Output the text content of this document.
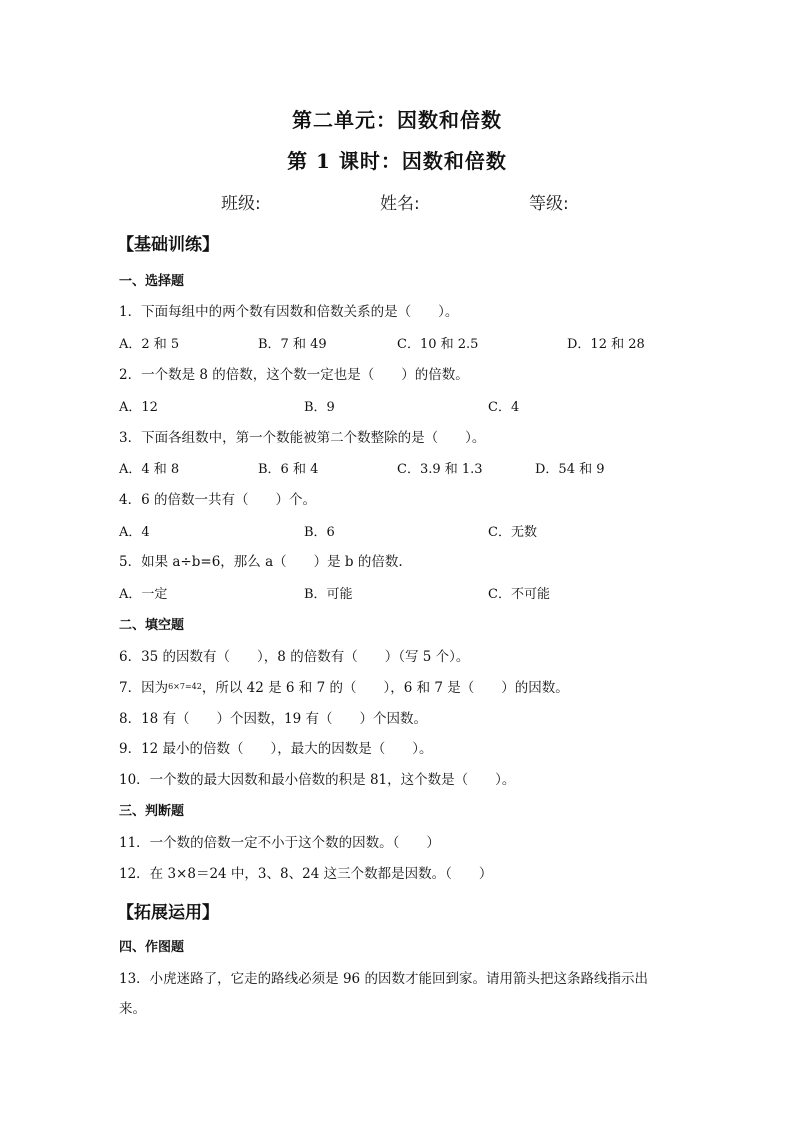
第二单元：因数和倍数
第 1 课时：因数和倍数
班级:	姓名:	等级:
【基础训练】
一、选择题
1．下面每组中的两个数有因数和倍数关系的是（　　）。
A．2 和 5	B．7 和 49	C．10 和 2.5	D．12 和 28
2．一个数是 8 的倍数，这个数一定也是（　　）的倍数。
A．12	B．9	C．4
3．下面各组数中，第一个数能被第二个数整除的是（　　）。
A．4 和 8	B．6 和 4	C．3.9 和 1.3	D．54 和 9
4．6 的倍数一共有（　　）个。
A．4	B．6	C．无数
5．如果 a÷b=6，那么 a（　　）是 b 的倍数.
A．一定	B．可能	C．不可能
二、填空题
6．35 的因数有（　　），8 的倍数有（　　）（写 5 个）。
7．因为$^{6\times 7=42}$，所以 42 是 6 和 7 的（　　），6 和 7 是（　　）的因数。
8．18 有（　　）个因数，19 有（　　）个因数。
9．12 最小的倍数（　　），最大的因数是（　　）。
10．一个数的最大因数和最小倍数的积是 81，这个数是（　　）。
三、判断题
11．一个数的倍数一定不小于这个数的因数。（　　）
12．在 3×8＝24 中，3、8、24 这三个数都是因数。（　　）
【拓展运用】
四、作图题
13．小虎迷路了，它走的路线必须是 96 的因数才能回到家。请用箭头把这条路线指示出
来。
